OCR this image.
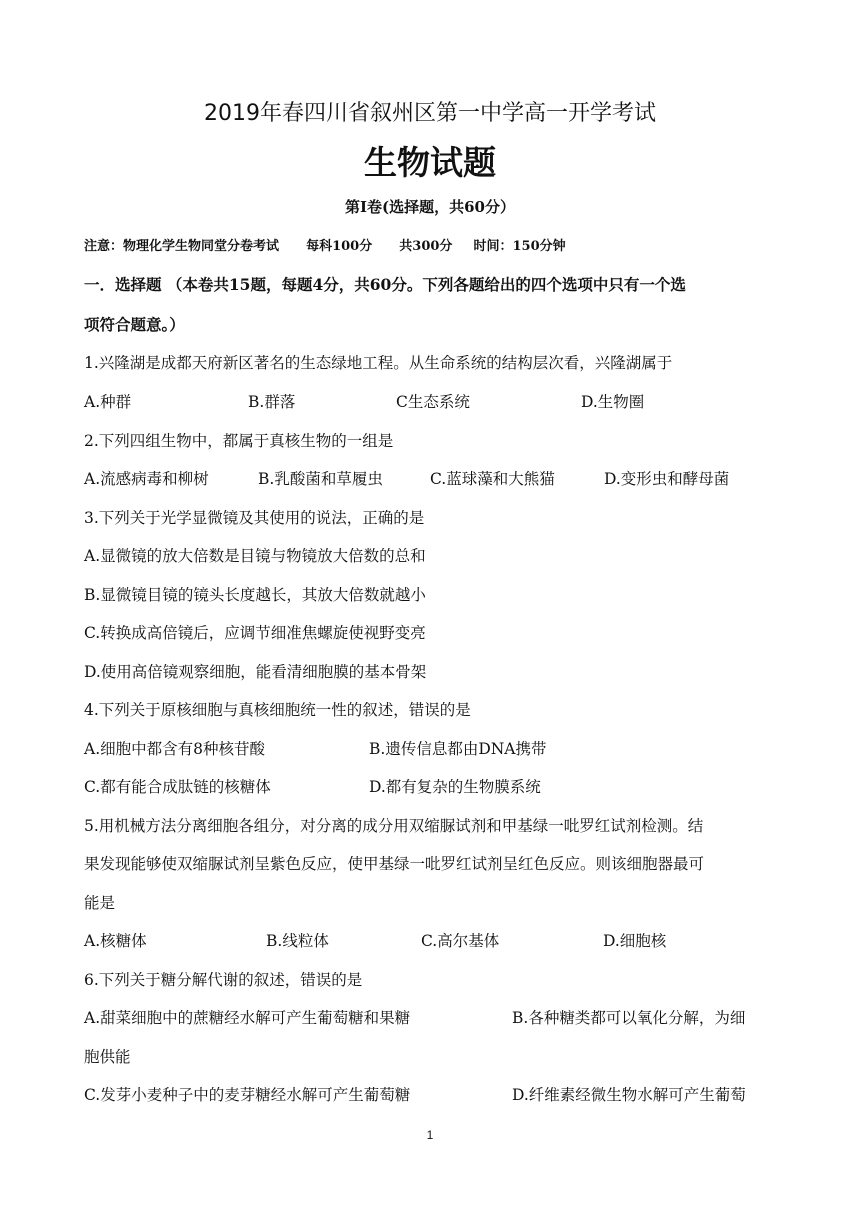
2019年春四川省叙州区第一中学高一开学考试
生物试题
第Ⅰ卷(选择题，共60分）
注意：物理化学生物同堂分卷考试 每科100分 共300分 时间：150分钟
一．选择题 （本卷共15题，每题4分，共60分。下列各题给出的四个选项中只有一个选
项符合题意。）
1.兴隆湖是成都天府新区著名的生态绿地工程。从生命系统的结构层次看，兴隆湖属于
A.种群	B.群落	C生态系统	D.生物圈
2.下列四组生物中，都属于真核生物的一组是
A.流感病毒和柳树	B.乳酸菌和草履虫	C.蓝球藻和大熊猫	D.变形虫和酵母菌
3.下列关于光学显微镜及其使用的说法，正确的是
A.显微镜的放大倍数是目镜与物镜放大倍数的总和
B.显微镜目镜的镜头长度越长，其放大倍数就越小
C.转换成高倍镜后，应调节细准焦螺旋使视野变亮
D.使用高倍镜观察细胞，能看清细胞膜的基本骨架
4.下列关于原核细胞与真核细胞统一性的叙述，错误的是
A.细胞中都含有8种核苷酸	B.遗传信息都由DNA携带
C.都有能合成肽链的核糖体	D.都有复杂的生物膜系统
5.用机械方法分离细胞各组分，对分离的成分用双缩脲试剂和甲基绿一吡罗红试剂检测。结
果发现能够使双缩脲试剂呈紫色反应，使甲基绿一吡罗红试剂呈红色反应。则该细胞器最可
能是
A.核糖体	B.线粒体	C.高尔基体	D.细胞核
6.下列关于糖分解代谢的叙述，错误的是
A.甜菜细胞中的蔗糖经水解可产生葡萄糖和果糖	B.各种糖类都可以氧化分解，为细
胞供能
C.发芽小麦种子中的麦芽糖经水解可产生葡萄糖	D.纤维素经微生物水解可产生葡萄
1
